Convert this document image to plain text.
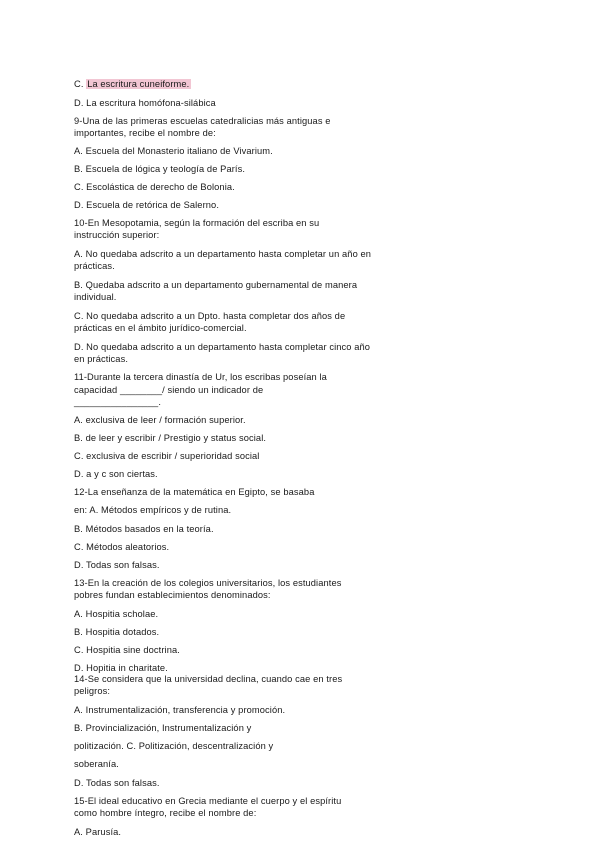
C. La escritura cuneiforme.
D. La escritura homófona-silábica
9-Una de las primeras escuelas catedralicias más antiguas e
importantes, recibe el nombre de:
A. Escuela del Monasterio italiano de Vivarium.
B. Escuela de lógica y teología de París.
C. Escolástica de derecho de Bolonia.
D. Escuela de retórica de Salerno.
10-En Mesopotamia, según la formación del escriba en su
instrucción superior:
A. No quedaba adscrito a un departamento hasta completar un año en
prácticas.
B. Quedaba adscrito a un departamento gubernamental de manera
individual.
C. No quedaba adscrito a un Dpto. hasta completar dos años de
prácticas en el ámbito jurídico-comercial.
D. No quedaba adscrito a un departamento hasta completar cinco año
en prácticas.
11-Durante la tercera dinastía de Ur, los escribas poseían la
capacidad ________/ siendo un indicador de
________________.
A. exclusiva de leer / formación superior.
B. de leer y escribir / Prestigio y status social.
C. exclusiva de escribir / superioridad social
D. a y c son ciertas.
12-La enseñanza de la matemática en Egipto, se basaba
en: A. Métodos empíricos y de rutina.
B. Métodos basados en la teoría.
C. Métodos aleatorios.
D. Todas son falsas.
13-En la creación de los colegios universitarios, los estudiantes
pobres fundan establecimientos denominados:
A. Hospitia scholae.
B. Hospitia dotados.
C. Hospitia sine doctrina.
D. Hopitia in charitate.
14-Se considera que la universidad declina, cuando cae en tres
peligros:
A. Instrumentalización, transferencia y promoción.
B. Provincialización, Instrumentalización y
politización. C. Politización, descentralización y
soberanía.
D. Todas son falsas.
15-El ideal educativo en Grecia mediante el cuerpo y el espíritu
como hombre íntegro, recibe el nombre de:
A. Parusía.
